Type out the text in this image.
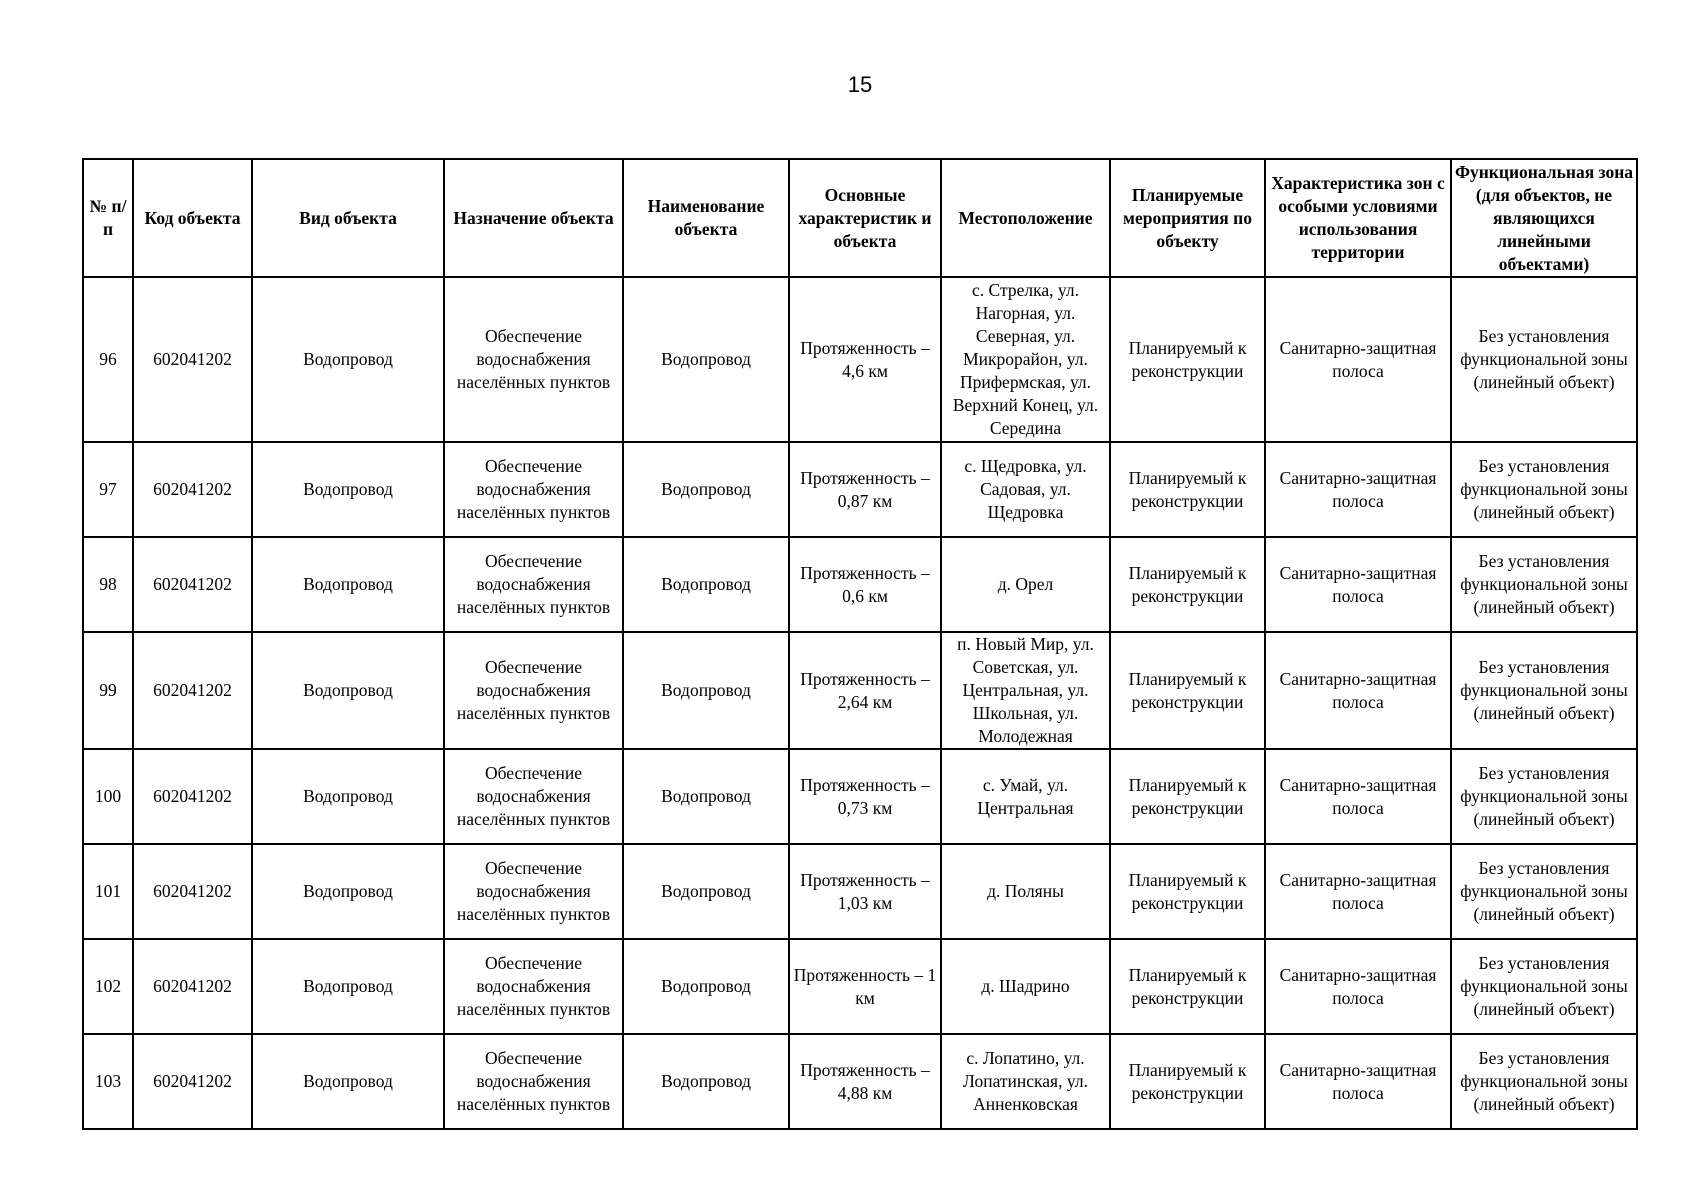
15
№ п/п	Код объекта	Вид объекта	Назначение объекта	Наименование объекта	Основные характеристик и объекта	Местоположение	Планируемые мероприятия по объекту	Характеристика зон с особыми условиями использования территории	Функциональная зона (для объектов, не являющихся линейными объектами)
96	602041202	Водопровод	Обеспечение водоснабжения населённых пунктов	Водопровод	Протяженность – 4,6 км	с. Стрелка, ул. Нагорная, ул. Северная, ул. Микрорайон, ул. Прифермская, ул. Верхний Конец, ул. Середина	Планируемый к реконструкции	Санитарно-защитная полоса	Без установления функциональной зоны (линейный объект)
97	602041202	Водопровод	Обеспечение водоснабжения населённых пунктов	Водопровод	Протяженность – 0,87 км	с. Щедровка, ул. Садовая, ул. Щедровка	Планируемый к реконструкции	Санитарно-защитная полоса	Без установления функциональной зоны (линейный объект)
98	602041202	Водопровод	Обеспечение водоснабжения населённых пунктов	Водопровод	Протяженность – 0,6 км	д. Орел	Планируемый к реконструкции	Санитарно-защитная полоса	Без установления функциональной зоны (линейный объект)
99	602041202	Водопровод	Обеспечение водоснабжения населённых пунктов	Водопровод	Протяженность – 2,64 км	п. Новый Мир, ул. Советская, ул. Центральная, ул. Школьная, ул. Молодежная	Планируемый к реконструкции	Санитарно-защитная полоса	Без установления функциональной зоны (линейный объект)
100	602041202	Водопровод	Обеспечение водоснабжения населённых пунктов	Водопровод	Протяженность – 0,73 км	с. Умай, ул. Центральная	Планируемый к реконструкции	Санитарно-защитная полоса	Без установления функциональной зоны (линейный объект)
101	602041202	Водопровод	Обеспечение водоснабжения населённых пунктов	Водопровод	Протяженность – 1,03 км	д. Поляны	Планируемый к реконструкции	Санитарно-защитная полоса	Без установления функциональной зоны (линейный объект)
102	602041202	Водопровод	Обеспечение водоснабжения населённых пунктов	Водопровод	Протяженность – 1 км	д. Шадрино	Планируемый к реконструкции	Санитарно-защитная полоса	Без установления функциональной зоны (линейный объект)
103	602041202	Водопровод	Обеспечение водоснабжения населённых пунктов	Водопровод	Протяженность – 4,88 км	с. Лопатино, ул. Лопатинская, ул. Анненковская	Планируемый к реконструкции	Санитарно-защитная полоса	Без установления функциональной зоны (линейный объект)
